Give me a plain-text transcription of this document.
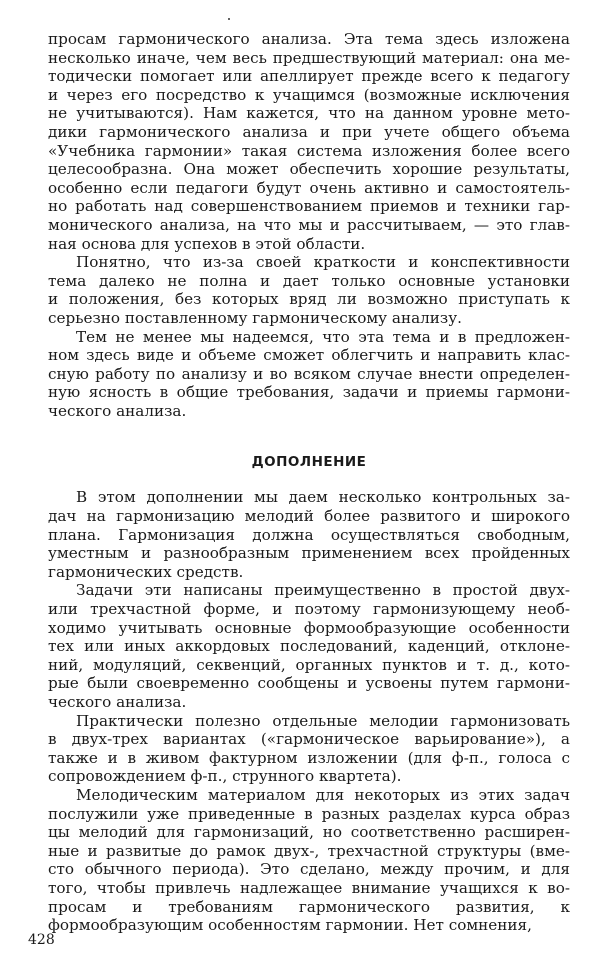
просам гармонического анализа. Эта тема здесь изложена
несколько иначе, чем весь предшествующий материал: она ме-
тодически помогает или апеллирует прежде всего к педагогу
и через его посредство к учащимся (возможные исключения
не учитываются). Нам кажется, что на данном уровне мето-
дики гармонического анализа и при учете общего объема
«Учебника гармонии» такая система изложения более всего
целесообразна. Она может обеспечить хорошие результаты,
особенно если педагоги будут очень активно и самостоятель-
но работать над совершенствованием приемов и техники гар-
монического анализа, на что мы и рассчитываем, — это глав-
ная основа для успехов в этой области.
Понятно, что из-за своей краткости и конспективности
тема далеко не полна и дает только основные установки
и положения, без которых вряд ли возможно приступать к
серьезно поставленному гармоническому анализу.
Тем не менее мы надеемся, что эта тема и в предложен-
ном здесь виде и объеме сможет облегчить и направить клас-
сную работу по анализу и во всяком случае внести определен-
ную ясность в общие требования, задачи и приемы гармони-
ческого анализа.
ДОПОЛНЕНИЕ
В этом дополнении мы даем несколько контрольных за-
дач на гармонизацию мелодий более развитого и широкого
плана. Гармонизация должна осуществляться свободным,
уместным и разнообразным применением всех пройденных
гармонических средств.
Задачи эти написаны преимущественно в простой двух-
или трехчастной форме, и поэтому гармонизующему необ-
ходимо учитывать основные формообразующие особенности
тех или иных аккордовых последований, каденций, отклоне-
ний, модуляций, секвенций, органных пунктов и т. д., кото-
рые были своевременно сообщены и усвоены путем гармони-
ческого анализа.
Практически полезно отдельные мелодии гармонизовать
в двух-трех вариантах («гармоническое варьирование»), а
также и в живом фактурном изложении (для ф-п., голоса с
сопровождением ф-п., струнного квартета).
Мелодическим материалом для некоторых из этих задач
послужили уже приведенные в разных разделах курса образ
цы мелодий для гармонизаций, но соответственно расширен-
ные и развитые до рамок двух-, трехчастной структуры (вме-
сто обычного периода). Это сделано, между прочим, и для
того, чтобы привлечь надлежащее внимание учащихся к во-
просам и требованиям гармонического развития, к
формообразующим особенностям гармонии. Нет сомнения,
428
